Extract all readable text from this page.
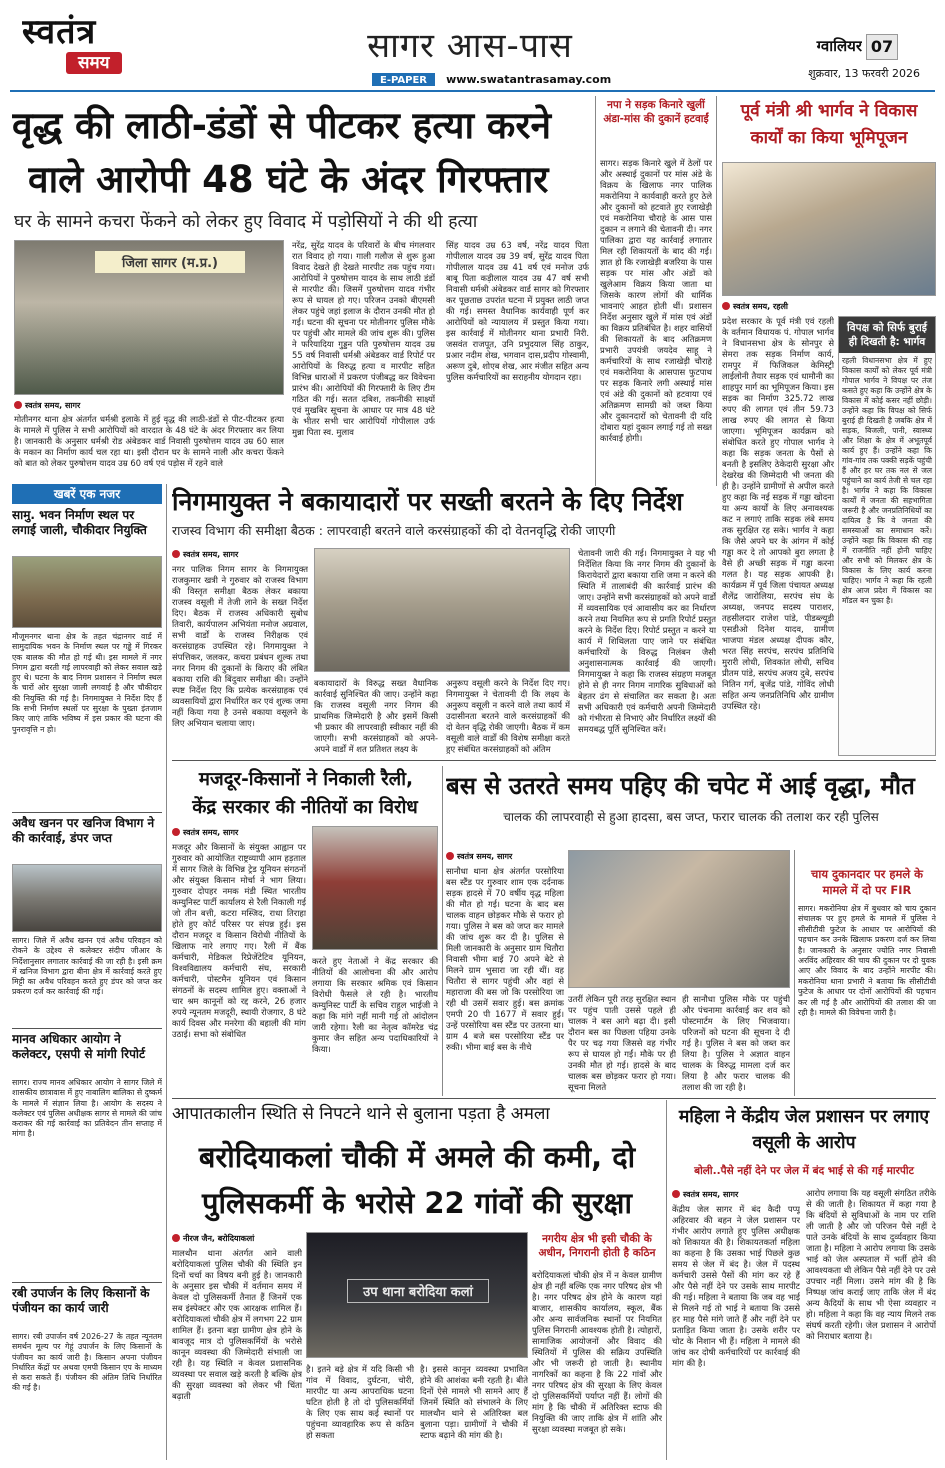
स्वतंत्र
समय	सागर आस-पास
E-PAPER www.swatantrasamay.com
ग्वालियर 07
शुक्रवार, 13 फरवरी 2026
वृद्ध की लाठी-डंडों से पीटकर हत्या करने
वाले आरोपी 48 घंटे के अंदर गिरफ्तार
घर के सामने कचरा फेंकने को लेकर हुए विवाद में पड़ोसियों ने की थी हत्या
जिला सागर (म.प्र.)
स्वतंत्र समय, सागर
मोतीनगर थाना क्षेत्र अंतर्गत धर्मश्री इलाके में हुई वृद्ध की लाठी-डंडों से पीट-पीटकर हत्या के मामले में पुलिस ने सभी आरोपियों को वारदात के 48 घंटे के अंदर गिरफ्तार कर लिया है। जानकारी के अनुसार धर्मश्री रोड अंबेडकर वार्ड निवासी पुरुषोत्तम यादव उम्र 60 साल के मकान का निर्माण कार्य चल रहा था। इसी दौरान घर के सामने नाली और कचरा फेंकने को बात को लेकर पुरुषोत्तम यादव उम्र 60 वर्ष एवं पड़ोस में रहने वाले
नरेंद्र, सुरेंद्र यादव के परिवारों के बीच मंगलवार रात विवाद हो गया। गाली गलौज से शुरू हुआ विवाद देखते ही देखते मारपीट तक पहुंच गया। आरोपियों ने पुरुषोत्तम यादव के साथ लाठी डंडों से मारपीट की। जिसमें पुरुषोत्तम यादव गंभीर रूप से घायल हो गए। परिजन उनको बीएमसी लेकर पहुंचे जहां इलाज के दौरान उनकी मौत हो गई। घटना की सूचना पर मोतीनगर पुलिस मौके पर पहुंची और मामले की जांच शुरू की। पुलिस ने फरियादिया गुड्डन पति पुरुषोत्तम यादव उम्र 55 वर्ष निवासी धर्मश्री अंबेडकर वार्ड रिपोर्ट पर आरोपियों के विरुद्ध हत्या व मारपीट सहित विभिन्न धाराओं में प्रकरण पंजीबद्ध कर विवेचना प्रारंभ की। आरोपियों की गिरफ्तारी के लिए टीम गठित की गई। सतत दबिश, तकनीकी साक्ष्यों एवं मुखबिर सूचना के आधार पर मात्र 48 घंटे के भीतर सभी चार आरोपियों गोपीलाल उर्फ मुन्ना पिता स्व. मुलाव
सिंह यादव उम्र 63 वर्ष, नरेंद्र यादव पिता गोपीलाल यादव उम्र 39 वर्ष, सुरेंद्र यादव पिता गोपीलाल यादव उम्र 41 वर्ष एवं मनोज उर्फ बाबू पिता कड़ीलाल यादव उम्र 47 वर्ष सभी निवासी धर्मश्री अंबेडकर वार्ड सागर को गिरफ्तार कर पूछताछ उपरांत घटना में प्रयुक्त लाठी जप्त की गई। समस्त वैधानिक कार्यवाही पूर्ण कर आरोपियों को न्यायालय में प्रस्तुत किया गया। इस कार्रवाई में मोतीनगर थाना प्रभारी निरी. जसवंत राजपूत, उनि प्रभुदयाल सिंह ठाकुर, प्रआर नदीम शेख, भगवान दास,प्रदीप गोस्वामी, अरूण दुबे, शोएब शेख, आर मंजीत सहित अन्य पुलिस कर्मचारियों का सराहनीय योगदान रहा।
नपा ने सड़क किनारे खुलीं अंडा-मांस की दुकानें हटवाईं
सागर। सड़क किनारे खुले में ठेलों पर और अस्थाई दुकानों पर मांस अंडे के विक्रय के खिलाफ नगर पालिक मकरोनिया ने कार्यवाही करते हुए ठेले और दुकानों को हटवाते हुए रजाखेड़ी एवं मकरोनिया चौराहे के आस पास दुकान न लगाने की चेतावनी दी। नगर पालिका द्वारा यह कार्रवाई लगातार मिल रही शिकायतों के बाद की गई। ज्ञात हो कि रजाखेड़ी बजरिया के पास सड़क पर मांस और अंडों को खुलेआम विक्रय किया जाता था जिसके कारण लोगों की धार्मिक भावनाएं आहत होती थीं। प्रशासन निर्देश अनुसार खुले में मांस एवं अंडों का विक्रय प्रतिबंधित है। शहर वासियों की शिकायतों के बाद अतिक्रमण प्रभारी उपयंत्री जयदेव साहू ने कर्मचारियों के साथ रजाखेड़ी चौराहे एवं मकरोनिया के आसपास फुटपाथ पर सड़क किनारे लगी अस्थाई मांस एवं अंडे की दुकानों को हटवाया एवं अतिक्रमण सामग्री को जब्त किया और दुकानदारों को चेतावनी दी यदि दोबारा यहां दुकान लगाई गई तो सख्त कार्रवाई होगी।
पूर्व मंत्री श्री भार्गव ने विकास कार्यों का किया भूमिपूजन
स्वतंत्र समय, रहली
प्रदेश सरकार के पूर्व मंत्री एवं रहली के वर्तमान विधायक पं. गोपाल भार्गव ने विधानसभा क्षेत्र के सोनपुर से सेमरा तक सड़क निर्माण कार्य, रामपुर में फिजिकल केमिस्ट्री लाईलोनी तैयार सड़क एवं धामौनी का शाहपुर मार्ग का भूमिपूजन किया। इस सड़क का निर्माण 325.72 लाख रुपए की लागत एवं तीन 59.73 लाख रुपए की लागत से किया जाएगा। भूमिपूजन कार्यक्रम को संबोधित करते हुए गोपाल भार्गव ने कहा कि सड़क जनता के पैसों से बनती है इसलिए ठेकेदारी सुरक्षा और देखरेख की जिम्मेदारी भी जनता की ही है। उन्होंने ग्रामीणों से अपील करते हुए कहा कि नई सड़क में गड्ढा खोदना या अन्य कार्यों के लिए अनावश्यक कट न लगाएं ताकि सड़क लंबे समय तक सुरक्षित रह सके। भार्गव ने कहा कि जैसे अपने घर के आंगन में कोई गड्ढा कर दे तो आपको बुरा लगता है वैसे ही अच्छी सड़क में गड्ढा करना गलत है। यह सड़क आपकी है। कार्यक्रम में पूर्व जिला पंचायत अध्यक्ष शैलेंद्र जारोलिया, सरपंच संघ के अध्यक्ष, जनपद सदस्य पाराशर, तहसीलदार राजेश पांडे, पीडब्ल्यूडी एसडीओ दिनेश यादव, ग्रामीण भाजपा मंडल अध्यक्ष दीपक कौर, भरत सिंह सरपंच, सरपंच प्रतिनिधि मुरारी लोधी, शिवकांत लोधी, सचिव प्रीतम पांडे, सरपंच अजय दुबे, सरपंच नितिन गर्ग, बृजेंद्र पांडे, गोविंद लोधी सहित अन्य जनप्रतिनिधि और ग्रामीण उपस्थित रहे।
विपक्ष को सिर्फ बुराई ही दिखती है: भार्गव
रहली विधानसभा क्षेत्र में हुए विकास कार्यों को लेकर पूर्व मंत्री गोपाल भार्गव ने विपक्ष पर तंज कसते हुए कहा कि उन्होंने क्षेत्र के विकास में कोई कसर नहीं छोड़ी। उन्होंने कहा कि विपक्ष को सिर्फ बुराई ही दिखती है जबकि क्षेत्र में सड़क, बिजली, पानी, स्वास्थ्य और शिक्षा के क्षेत्र में अभूतपूर्व कार्य हुए हैं। उन्होंने कहा कि गांव-गांव तक पक्की सड़कें पहुंची हैं और हर घर तक नल से जल पहुंचाने का कार्य तेजी से चल रहा है। भार्गव ने कहा कि विकास कार्यों में जनता की सहभागिता जरूरी है और जनप्रतिनिधियों का दायित्व है कि वे जनता की समस्याओं का समाधान करें। उन्होंने कहा कि विकास की राह में राजनीति नहीं होनी चाहिए और सभी को मिलकर क्षेत्र के विकास के लिए कार्य करना चाहिए। भार्गव ने कहा कि रहली क्षेत्र आज प्रदेश में विकास का मॉडल बन चुका है।
खबरें एक नजर
सामु. भवन निर्माण स्थल पर लगाई जाली, चौकीदार नियुक्ति
मौजूमनगर थाना क्षेत्र के तहत चंद्रानगर वार्ड में सामुदायिक भवन के निर्माण स्थल पर गड्ढे में गिरकर एक बालक की मौत हो गई थी। इस मामले में नगर निगम द्वारा बरती गई लापरवाही को लेकर सवाल खड़े हुए थे। घटना के बाद निगम प्रशासन ने निर्माण स्थल के चारों ओर सुरक्षा जाली लगवाई है और चौकीदार की नियुक्ति की गई है। निगमायुक्त ने निर्देश दिए हैं कि सभी निर्माण स्थलों पर सुरक्षा के पुख्ता इंतजाम किए जाएं ताकि भविष्य में इस प्रकार की घटना की पुनरावृत्ति न हो।
अवैध खनन पर खनिज विभाग ने की कार्रवाई, डंपर जप्त
सागर। जिले में अवैध खनन एवं अवैध परिवहन को रोकने के उद्देश्य से कलेक्टर संदीप जीआर के निर्देशानुसार लगातार कार्रवाई की जा रही है। इसी क्रम में खनिज विभाग द्वारा बीना क्षेत्र में कार्रवाई करते हुए मिट्टी का अवैध परिवहन करते हुए डंपर को जप्त कर प्रकरण दर्ज कर कार्रवाई की गई।
मानव अधिकार आयोग ने कलेक्टर, एसपी से मांगी रिपोर्ट
सागर। राज्य मानव अधिकार आयोग ने सागर जिले में शासकीय छात्रावास में हुए नाबालिग बालिका से दुष्कर्म के मामले में संज्ञान लिया है। आयोग के सदस्य ने कलेक्टर एवं पुलिस अधीक्षक सागर से मामले की जांच कराकर की गई कार्रवाई का प्रतिवेदन तीन सप्ताह में मांगा है।
रबी उपार्जन के लिए किसानों के पंजीयन का कार्य जारी
सागर। रबी उपार्जन वर्ष 2026-27 के तहत न्यूनतम समर्थन मूल्य पर गेहूं उपार्जन के लिए किसानों के पंजीयन का कार्य जारी है। किसान अपना पंजीयन निर्धारित केंद्रों पर अथवा एमपी किसान एप के माध्यम से करा सकते हैं। पंजीयन की अंतिम तिथि निर्धारित की गई है।
निगमायुक्त ने बकायादारों पर सख्ती बरतने के दिए निर्देश
राजस्व विभाग की समीक्षा बैठक : लापरवाही बरतने वाले करसंग्राहकों की दो वेतनवृद्धि रोकी जाएगी
स्वतंत्र समय, सागर
नगर पालिक निगम सागर के निगमायुक्त राजकुमार खत्री ने गुरुवार को राजस्व विभाग की विस्तृत समीक्षा बैठक लेकर बकाया राजस्व वसूली में तेजी लाने के सख्त निर्देश दिए। बैठक में राजस्व अधिकारी सुबोध तिवारी, कार्यपालन अभियंता मनोज अग्रवाल, सभी वार्डों के राजस्व निरीक्षक एवं करसंग्राहक उपस्थित रहे। निगमायुक्त ने संपत्तिकर, जलकर, कचरा प्रबंधन शुल्क तथा नगर निगम की दुकानों के किराए की लंबित बकाया राशि की बिंदुवार समीक्षा की। उन्होंने स्पष्ट निर्देश दिए कि प्रत्येक करसंग्राहक एवं व्यवसायियों द्वारा निर्धारित कर एवं शुल्क जमा नहीं किया गया है उनसे बकाया वसूलने के लिए अभियान चलाया जाए।
बकायादारों के विरुद्ध सख्त वैधानिक कार्रवाई सुनिश्चित की जाए। उन्होंने कहा कि राजस्व वसूली नगर निगम की प्राथमिक जिम्मेदारी है और इसमें किसी भी प्रकार की लापरवाही स्वीकार नहीं की जाएगी। सभी करसंग्राहकों को अपने-अपने वार्डों में शत प्रतिशत लक्ष्य के
अनुरूप वसूली करने के निर्देश दिए गए। निगमायुक्त ने चेतावनी दी कि लक्ष्य के अनुरूप वसूली न करने वाले तथा कार्य में उदासीनता बरतने वाले करसंग्राहकों की दो वेतन वृद्धि रोकी जाएगी। बैठक में कम वसूली वाले वार्डों की विशेष समीक्षा करते हुए संबंधित करसंग्राहकों को अंतिम
चेतावनी जारी की गई। निगमायुक्त ने यह भी निर्देशित किया कि नगर निगम की दुकानों के किरायेदारों द्वारा बकाया राशि जमा न करने की स्थिति में तालाबंदी की कार्रवाई प्रारंभ की जाए। उन्होंने सभी करसंग्राहकों को अपने वार्डों में व्यवसायिक एवं आवासीय कर का निर्धारण करने तथा नियमित रूप से प्रगति रिपोर्ट प्रस्तुत करने के निर्देश दिए। रिपोर्ट प्रस्तुत न करने या कार्य में शिथिलता पाए जाने पर संबंधित कर्मचारियों के विरुद्ध निलंबन जैसी अनुशासनात्मक कार्रवाई की जाएगी। निगमायुक्त ने कहा कि राजस्व संग्रहण मजबूत होने से ही नगर निगम नागरिक सुविधाओं को बेहतर ढंग से संचालित कर सकता है। अतः सभी अधिकारी एवं कर्मचारी अपनी जिम्मेदारी को गंभीरता से निभाएं और निर्धारित लक्ष्यों की समयबद्ध पूर्ति सुनिश्चित करें।
मजदूर-किसानों ने निकाली रैली,
केंद्र सरकार की नीतियों का विरोध
स्वतंत्र समय, सागर
मजदूर और किसानों के संयुक्त आह्वान पर गुरुवार को आयोजित राष्ट्रव्यापी आम हड़ताल में सागर जिले के विभिन्न ट्रेड यूनियन संगठनों और संयुक्त किसान मोर्चा ने भाग लिया। गुरुवार दोपहर नमक मंडी स्थित भारतीय कम्युनिस्ट पार्टी कार्यालय से रैली निकाली गई जो तीन बत्ती, कटरा मस्जिद, राधा तिराहा होते हुए कोर्ट परिसर पर संपन्न हुई। इस दौरान मजदूर व किसान विरोधी नीतियों के खिलाफ नारे लगाए गए। रैली में बैंक कर्मचारी, मेडिकल रिप्रेजेंटेटिव यूनियन, विश्वविद्यालय कर्मचारी संघ, सरकारी कर्मचारी, पोस्टमैन यूनियन एवं किसान संगठनों के सदस्य शामिल हुए। वक्ताओं ने चार श्रम कानूनों को रद्द करने, 26 हजार रुपये न्यूनतम मजदूरी, स्थायी रोजगार, 8 घंटे कार्य दिवस और मनरेगा की बहाली की मांग उठाई। सभा को संबोधित
करते हुए नेताओं ने केंद्र सरकार की नीतियों की आलोचना की और आरोप लगाया कि सरकार श्रमिक एवं किसान विरोधी फैसले ले रही है। भारतीय कम्युनिस्ट पार्टी के सचिव राहुल भाईजी ने कहा कि मांगे नहीं मानी गई तो आंदोलन जारी रहेगा। रैली का नेतृत्व कॉमरेड चंद्र कुमार जैन सहित अन्य पदाधिकारियों ने किया।
बस से उतरते समय पहिए की चपेट में आई वृद्धा, मौत
चालक की लापरवाही से हुआ हादसा, बस जप्त, फरार चालक की तलाश कर रही पुलिस
स्वतंत्र समय, सागर
सानौधा थाना क्षेत्र अंतर्गत परसोरिया बस स्टैंड पर गुरुवार शाम एक दर्दनाक सड़क हादसे में 70 वर्षीय वृद्ध महिला की मौत हो गई। घटना के बाद बस चालक वाहन छोड़कर मौके से फरार हो गया। पुलिस ने बस को जप्त कर मामले की जांच शुरू कर दी है। पुलिस से मिली जानकारी के अनुसार ग्राम चितौरा निवासी भीमा बाई 70 अपने बेटे से मिलने ग्राम भुसारा जा रही थीं। वह चितौरा से सागर पहुंची और वहां से महाराजा की बस जो कि परसोरिया जा रही थी उसमें सवार हुई। बस क्रमांक एमपी 20 पी 1677 में सवार हुई। उन्हें परसोरिया बस स्टैंड पर उतरना था। ग्राम 4 बजे बस परसोरिया स्टैंड पर रुकी। भीमा बाई बस के नीचे
उतरीं लेकिन पूरी तरह सुरक्षित स्थान पर पहुंच पाती उससे पहले ही चालक ने बस आगे बढ़ा दी। इसी दौरान बस का पिछला पहिया उनके पैर पर चढ़ गया जिससे वह गंभीर रूप से घायल हो गईं। मौके पर ही उनकी मौत हो गई। हादसे के बाद चालक बस छोड़कर फरार हो गया। सूचना मिलते
ही सानौधा पुलिस मौके पर पहुंची और पंचनामा कार्रवाई कर शव को पोस्टमार्टम के लिए भिजवाया। परिजनों को घटना की सूचना दे दी गई है। पुलिस ने बस को जब्त कर लिया है। पुलिस ने अज्ञात वाहन चालक के विरुद्ध मामला दर्ज कर लिया है और फरार चालक की तलाश की जा रही है।
चाय दुकानदार पर हमले के मामले में दो पर FIR
सागर। मकरोनिया क्षेत्र में बुधवार को चाय दुकान संचालक पर हुए हमले के मामले में पुलिस ने सीसीटीवी फुटेज के आधार पर आरोपियों की पहचान कर उनके खिलाफ प्रकरण दर्ज कर लिया है। जानकारी के अनुसार ज्योति नगर निवासी अरविंद अहिरवार की चाय की दुकान पर दो युवक आए और विवाद के बाद उन्होंने मारपीट की। मकरोनिया थाना प्रभारी ने बताया कि सीसीटीवी फुटेज के आधार पर दोनों आरोपियों की पहचान कर ली गई है और आरोपियों की तलाश की जा रही है। मामले की विवेचना जारी है।
आपातकालीन स्थिति से निपटने थाने से बुलाना पड़ता है अमला
बरोदियाकलां चौकी में अमले की कमी, दो
पुलिसकर्मी के भरोसे 22 गांवों की सुरक्षा
नीरज जैन, बरोदियाकलां
मालथौन थाना अंतर्गत आने वाली बरोदियाकलां पुलिस चौकी की स्थिति इन दिनों चर्चा का विषय बनी हुई है। जानकारी के अनुसार इस चौकी में वर्तमान समय में केवल दो पुलिसकर्मी तैनात हैं जिनमें एक सब इंस्पेक्टर और एक आरक्षक शामिल हैं। बरोदियाकलां चौकी क्षेत्र में लगभग 22 ग्राम शामिल हैं। इतना बड़ा ग्रामीण क्षेत्र होने के बावजूद मात्र दो पुलिसकर्मियों के भरोसे कानून व्यवस्था की जिम्मेदारी संभाली जा रही है। यह स्थिति न केवल प्रशासनिक व्यवस्था पर सवाल खड़े करती है बल्कि क्षेत्र की सुरक्षा व्यवस्था को लेकर भी चिंता बढ़ाती
उप थाना बरोदिया कलां
है। इतने बड़े क्षेत्र में यदि किसी भी गांव में विवाद, दुर्घटना, चोरी, मारपीट या अन्य आपराधिक घटना घटित होती है तो दो पुलिसकर्मियों के लिए एक साथ कई स्थानों पर पहुंचना व्यावहारिक रूप से कठिन हो सकता
है। इससे कानून व्यवस्था प्रभावित होने की आशंका बनी रहती है। बीते दिनों ऐसे मामले भी सामने आए हैं जिनमें स्थिति को संभालने के लिए मालथौन थाने से अतिरिक्त बल बुलाना पड़ा। ग्रामीणों ने चौकी में स्टाफ बढ़ाने की मांग की है।
नगरीय क्षेत्र भी इसी चौकी के अधीन, निगरानी होती है कठिन
बरोदियाकलां चौकी क्षेत्र में न केवल ग्रामीण क्षेत्र ही नहीं बल्कि एक नगर परिषद क्षेत्र भी है। नगर परिषद क्षेत्र होने के कारण यहां बाजार, शासकीय कार्यालय, स्कूल, बैंक और अन्य सार्वजनिक स्थानों पर नियमित पुलिस निगरानी आवश्यक होती है। त्योहारों, सामाजिक आयोजनों और विवाद की स्थितियों में पुलिस की सक्रिय उपस्थिति और भी जरूरी हो जाती है। स्थानीय नागरिकों का कहना है कि 22 गांवों और नगर परिषद क्षेत्र की सुरक्षा के लिए केवल दो पुलिसकर्मियों पर्याप्त नहीं हैं। लोगों की मांग है कि चौकी में अतिरिक्त स्टाफ की नियुक्ति की जाए ताकि क्षेत्र में शांति और सुरक्षा व्यवस्था मजबूत हो सके।
महिला ने केंद्रीय जेल प्रशासन पर लगाए वसूली के आरोप
बोली..पैसे नहीं देने पर जेल में बंद भाई से की गई मारपीट
स्वतंत्र समय, सागर
केंद्रीय जेल सागर में बंद कैदी पप्पू अहिरवार की बहन ने जेल प्रशासन पर गंभीर आरोप लगाते हुए पुलिस अधीक्षक को शिकायत की है। शिकायतकर्ता महिला का कहना है कि उसका भाई पिछले कुछ समय से जेल में बंद है। जेल में पदस्थ कर्मचारी उससे पैसों की मांग कर रहे हैं और पैसे नहीं देने पर उसके साथ मारपीट की गई। महिला ने बताया कि जब वह भाई से मिलने गई तो भाई ने बताया कि उससे हर माह पैसे मांगे जाते हैं और नहीं देने पर प्रताड़ित किया जाता है। उसके शरीर पर चोट के निशान भी हैं। महिला ने मामले की जांच कर दोषी कर्मचारियों पर कार्रवाई की मांग की है।
आरोप लगाया कि यह वसूली संगठित तरीके से की जाती है। शिकायत में कहा गया है कि बंदियों से सुविधाओं के नाम पर राशि ली जाती है और जो परिजन पैसे नहीं दे पाते उनके बंदियों के साथ दुर्व्यवहार किया जाता है। महिला ने आरोप लगाया कि उसके भाई को जेल अस्पताल में भर्ती होने की आवश्यकता थी लेकिन पैसे नहीं देने पर उसे उपचार नहीं मिला। उसने मांग की है कि निष्पक्ष जांच कराई जाए ताकि जेल में बंद अन्य कैदियों के साथ भी ऐसा व्यवहार न हो। महिला ने कहा कि वह न्याय मिलने तक संघर्ष करती रहेगी। जेल प्रशासन ने आरोपों को निराधार बताया है।
